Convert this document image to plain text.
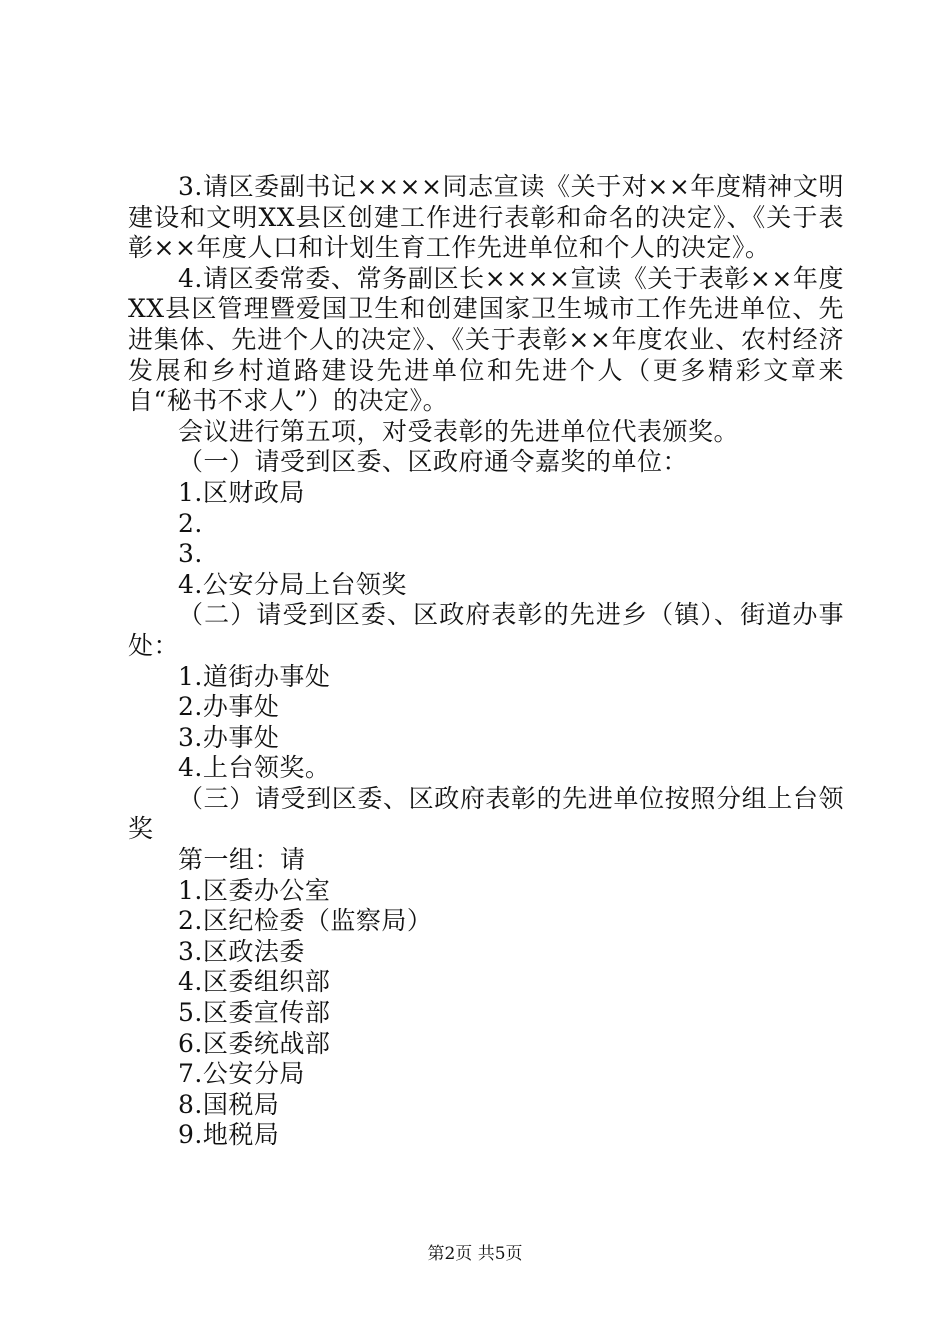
3.请区委副书记××××同志宣读《关于对××年度精神文明建设和文明XX县区创建工作进行表彰和命名的决定》、《关于表彰××年度人口和计划生育工作先进单位和个人的决定》。

4.请区委常委、常务副区长××××宣读《关于表彰××年度XX县区管理暨爱国卫生和创建国家卫生城市工作先进单位、先进集体、先进个人的决定》、《关于表彰××年度农业、农村经济发展和乡村道路建设先进单位和先进个人（更多精彩文章来自“秘书不求人”）的决定》。

会议进行第五项，对受表彰的先进单位代表颁奖。

（一）请受到区委、区政府通令嘉奖的单位：

1.区财政局

2.

3.

4.公安分局上台领奖

（二）请受到区委、区政府表彰的先进乡（镇）、街道办事处：

1.道街办事处

2.办事处

3.办事处

4.上台领奖。

（三）请受到区委、区政府表彰的先进单位按照分组上台领奖

第一组：请

1.区委办公室

2.区纪检委（监察局）

3.区政法委

4.区委组织部

5.区委宣传部

6.区委统战部

7.公安分局

8.国税局

9.地税局

第2页 共5页
